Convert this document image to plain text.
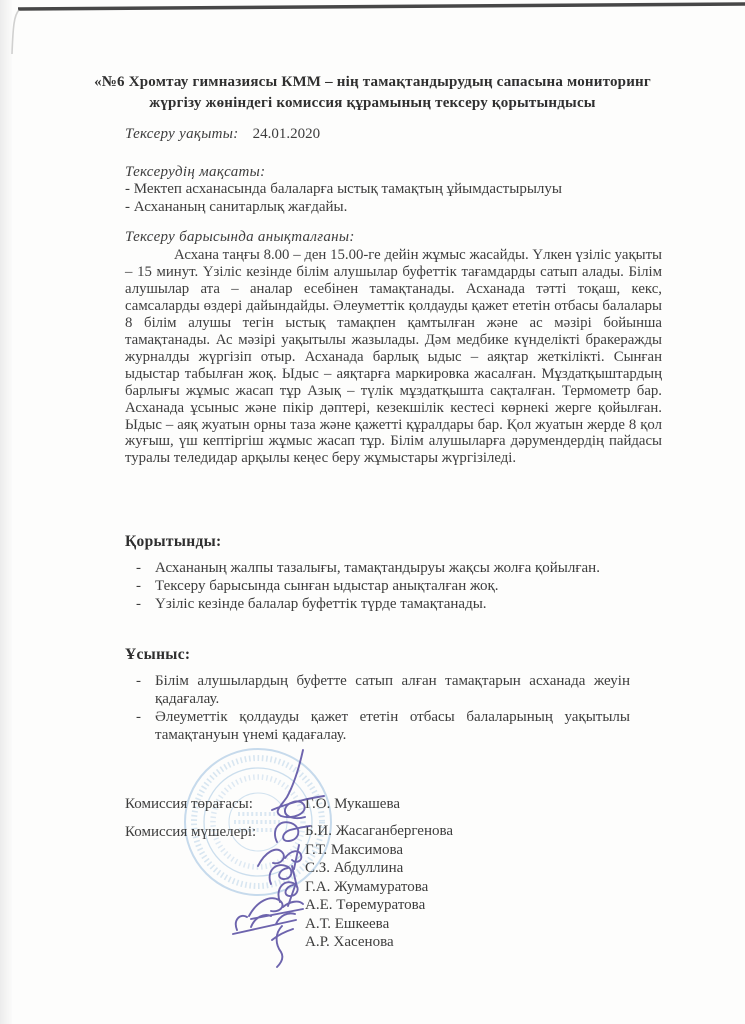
«№6 Хромтау гимназиясы КММ – нің тамақтандырудың сапасына мониторинг
жүргізу жөніндегі комиссия құрамының тексеру қорытындысы
Тексеру уақыты: 24.01.2020
Тексерудің мақсаты:
- Мектеп асханасында балаларға ыстық тамақтың ұйымдастырылуы
- Асхананың санитарлық жағдайы.
Тексеру барысында анықталғаны:

Асхана таңғы 8.00 – ден 15.00-ге дейін жұмыс жасайды. Үлкен үзіліс уақыты – 15 минут. Үзіліс кезінде білім алушылар буфеттік тағамдарды сатып алады. Білім алушылар ата – аналар есебінен тамақтанады. Асханада тәтті тоқаш, кекс, самсаларды өздері дайындайды. Әлеуметтік қолдауды қажет ететін отбасы балалары 8 білім алушы тегін ыстық тамақпен қамтылған және ас мәзірі бойынша тамақтанады. Ас мәзірі уақытылы жазылады. Дәм медбике күнделікті бракеражды журналды жүргізіп отыр. Асханада барлық ыдыс – аяқтар жеткілікті. Сынған ыдыстар табылған жоқ. Ыдыс – аяқтарға маркировка жасалған. Мұздатқыштардың барлығы жұмыс жасап тұр Азық – түлік мұздатқышта сақталған. Термометр бар. Асханада ұсыныс және пікір дәптері, кезекшілік кестесі көрнекі жерге қойылған. Ыдыс – аяқ жуатын орны таза және қажетті құралдары бар. Қол жуатын жерде 8 қол жуғыш, үш кептіргіш жұмыс жасап тұр. Білім алушыларға дәрумендердің пайдасы туралы теледидар арқылы кеңес беру жұмыстары жүргізіледі.

Қорытынды:
- Асхананың жалпы тазалығы, тамақтандыруы жақсы жолға қойылған.
- Тексеру барысында сынған ыдыстар анықталған жоқ.
- Үзіліс кезінде балалар буфеттік түрде тамақтанады.
Ұсыныс:
- Білім алушылардың буфетте сатып алған тамақтарын асханада жеуін қадағалау.
- Әлеуметтік қолдауды қажет ететін отбасы балаларының уақытылы тамақтануын үнемі қадағалау.
Комиссия төрағасы:	Г.О. Мукашева
Комиссия мүшелері:	Б.И. Жасаганбергенова
Г.Т. Максимова
С.З. Абдуллина
Г.А. Жумамуратова
А.Е. Төремуратова
А.Т. Ешкеева
А.Р. Хасенова
